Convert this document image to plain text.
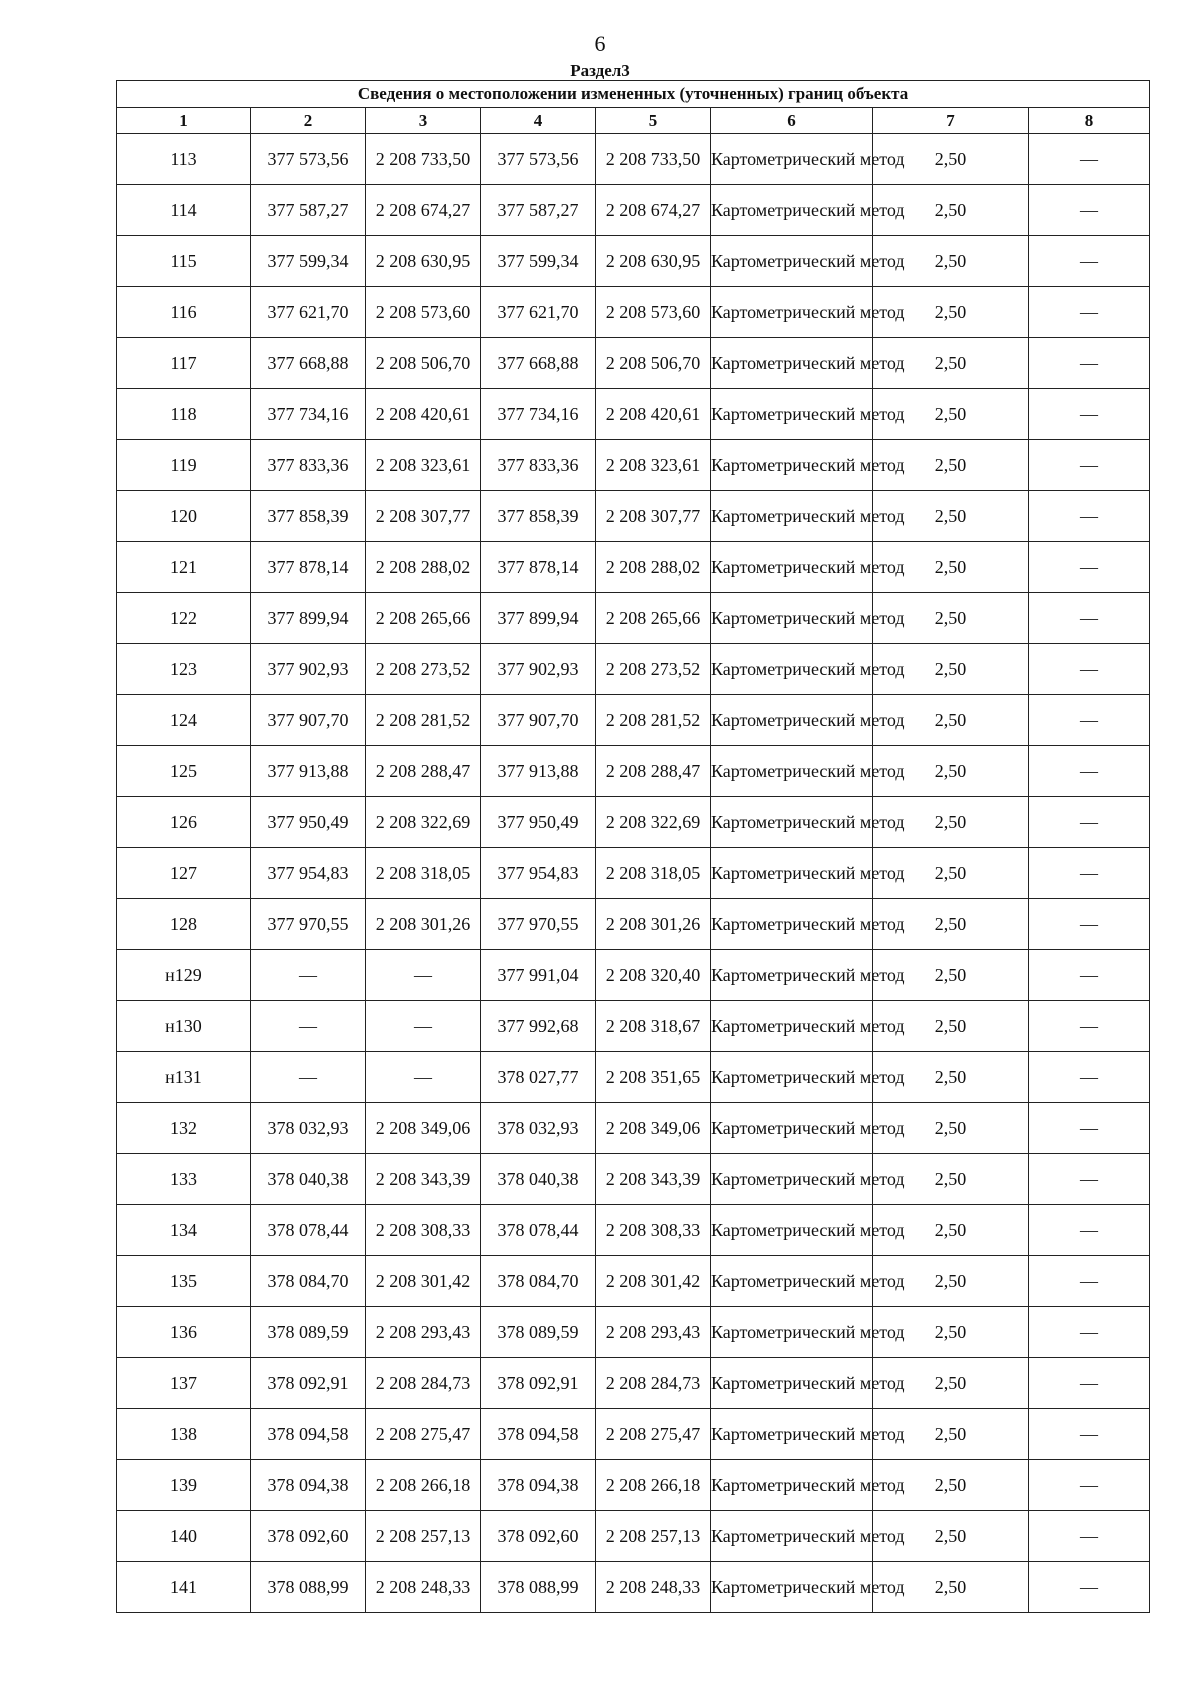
6
Раздел3
Сведения о местоположении измененных (уточненных) границ объекта							
1	2	3	4	5	6	7	8
113	377 573,56	2 208 733,50	377 573,56	2 208 733,50	Картометрический метод	2,50	—
114	377 587,27	2 208 674,27	377 587,27	2 208 674,27	Картометрический метод	2,50	—
115	377 599,34	2 208 630,95	377 599,34	2 208 630,95	Картометрический метод	2,50	—
116	377 621,70	2 208 573,60	377 621,70	2 208 573,60	Картометрический метод	2,50	—
117	377 668,88	2 208 506,70	377 668,88	2 208 506,70	Картометрический метод	2,50	—
118	377 734,16	2 208 420,61	377 734,16	2 208 420,61	Картометрический метод	2,50	—
119	377 833,36	2 208 323,61	377 833,36	2 208 323,61	Картометрический метод	2,50	—
120	377 858,39	2 208 307,77	377 858,39	2 208 307,77	Картометрический метод	2,50	—
121	377 878,14	2 208 288,02	377 878,14	2 208 288,02	Картометрический метод	2,50	—
122	377 899,94	2 208 265,66	377 899,94	2 208 265,66	Картометрический метод	2,50	—
123	377 902,93	2 208 273,52	377 902,93	2 208 273,52	Картометрический метод	2,50	—
124	377 907,70	2 208 281,52	377 907,70	2 208 281,52	Картометрический метод	2,50	—
125	377 913,88	2 208 288,47	377 913,88	2 208 288,47	Картометрический метод	2,50	—
126	377 950,49	2 208 322,69	377 950,49	2 208 322,69	Картометрический метод	2,50	—
127	377 954,83	2 208 318,05	377 954,83	2 208 318,05	Картометрический метод	2,50	—
128	377 970,55	2 208 301,26	377 970,55	2 208 301,26	Картометрический метод	2,50	—
н129	—	—	377 991,04	2 208 320,40	Картометрический метод	2,50	—
н130	—	—	377 992,68	2 208 318,67	Картометрический метод	2,50	—
н131	—	—	378 027,77	2 208 351,65	Картометрический метод	2,50	—
132	378 032,93	2 208 349,06	378 032,93	2 208 349,06	Картометрический метод	2,50	—
133	378 040,38	2 208 343,39	378 040,38	2 208 343,39	Картометрический метод	2,50	—
134	378 078,44	2 208 308,33	378 078,44	2 208 308,33	Картометрический метод	2,50	—
135	378 084,70	2 208 301,42	378 084,70	2 208 301,42	Картометрический метод	2,50	—
136	378 089,59	2 208 293,43	378 089,59	2 208 293,43	Картометрический метод	2,50	—
137	378 092,91	2 208 284,73	378 092,91	2 208 284,73	Картометрический метод	2,50	—
138	378 094,58	2 208 275,47	378 094,58	2 208 275,47	Картометрический метод	2,50	—
139	378 094,38	2 208 266,18	378 094,38	2 208 266,18	Картометрический метод	2,50	—
140	378 092,60	2 208 257,13	378 092,60	2 208 257,13	Картометрический метод	2,50	—
141	378 088,99	2 208 248,33	378 088,99	2 208 248,33	Картометрический метод	2,50	—
